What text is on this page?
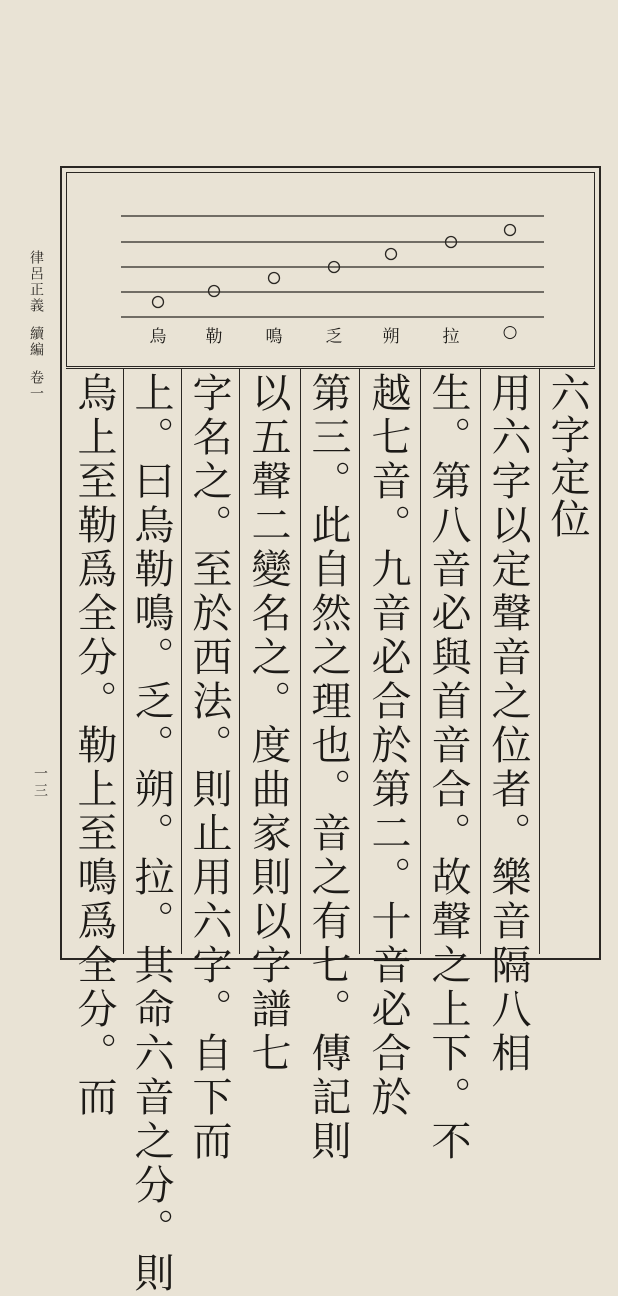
律呂正義續編卷一
一三
烏 勒	鳴	乏 朔	拉	○
六字定位
用六字以定聲音之位者。樂音隔八相
生。第八音必與首音合。故聲之上下。不
越七音。九音必合於第二。十音必合於
第三。此自然之理也。音之有七。傳記則
以五聲二變名之。度曲家則以字譜七
字名之。至於西法。則止用六字。自下而
上。曰烏勒鳴。乏。朔。拉。其命六音之分。則
烏上至勒爲全分。勒上至鳴爲全分。而
